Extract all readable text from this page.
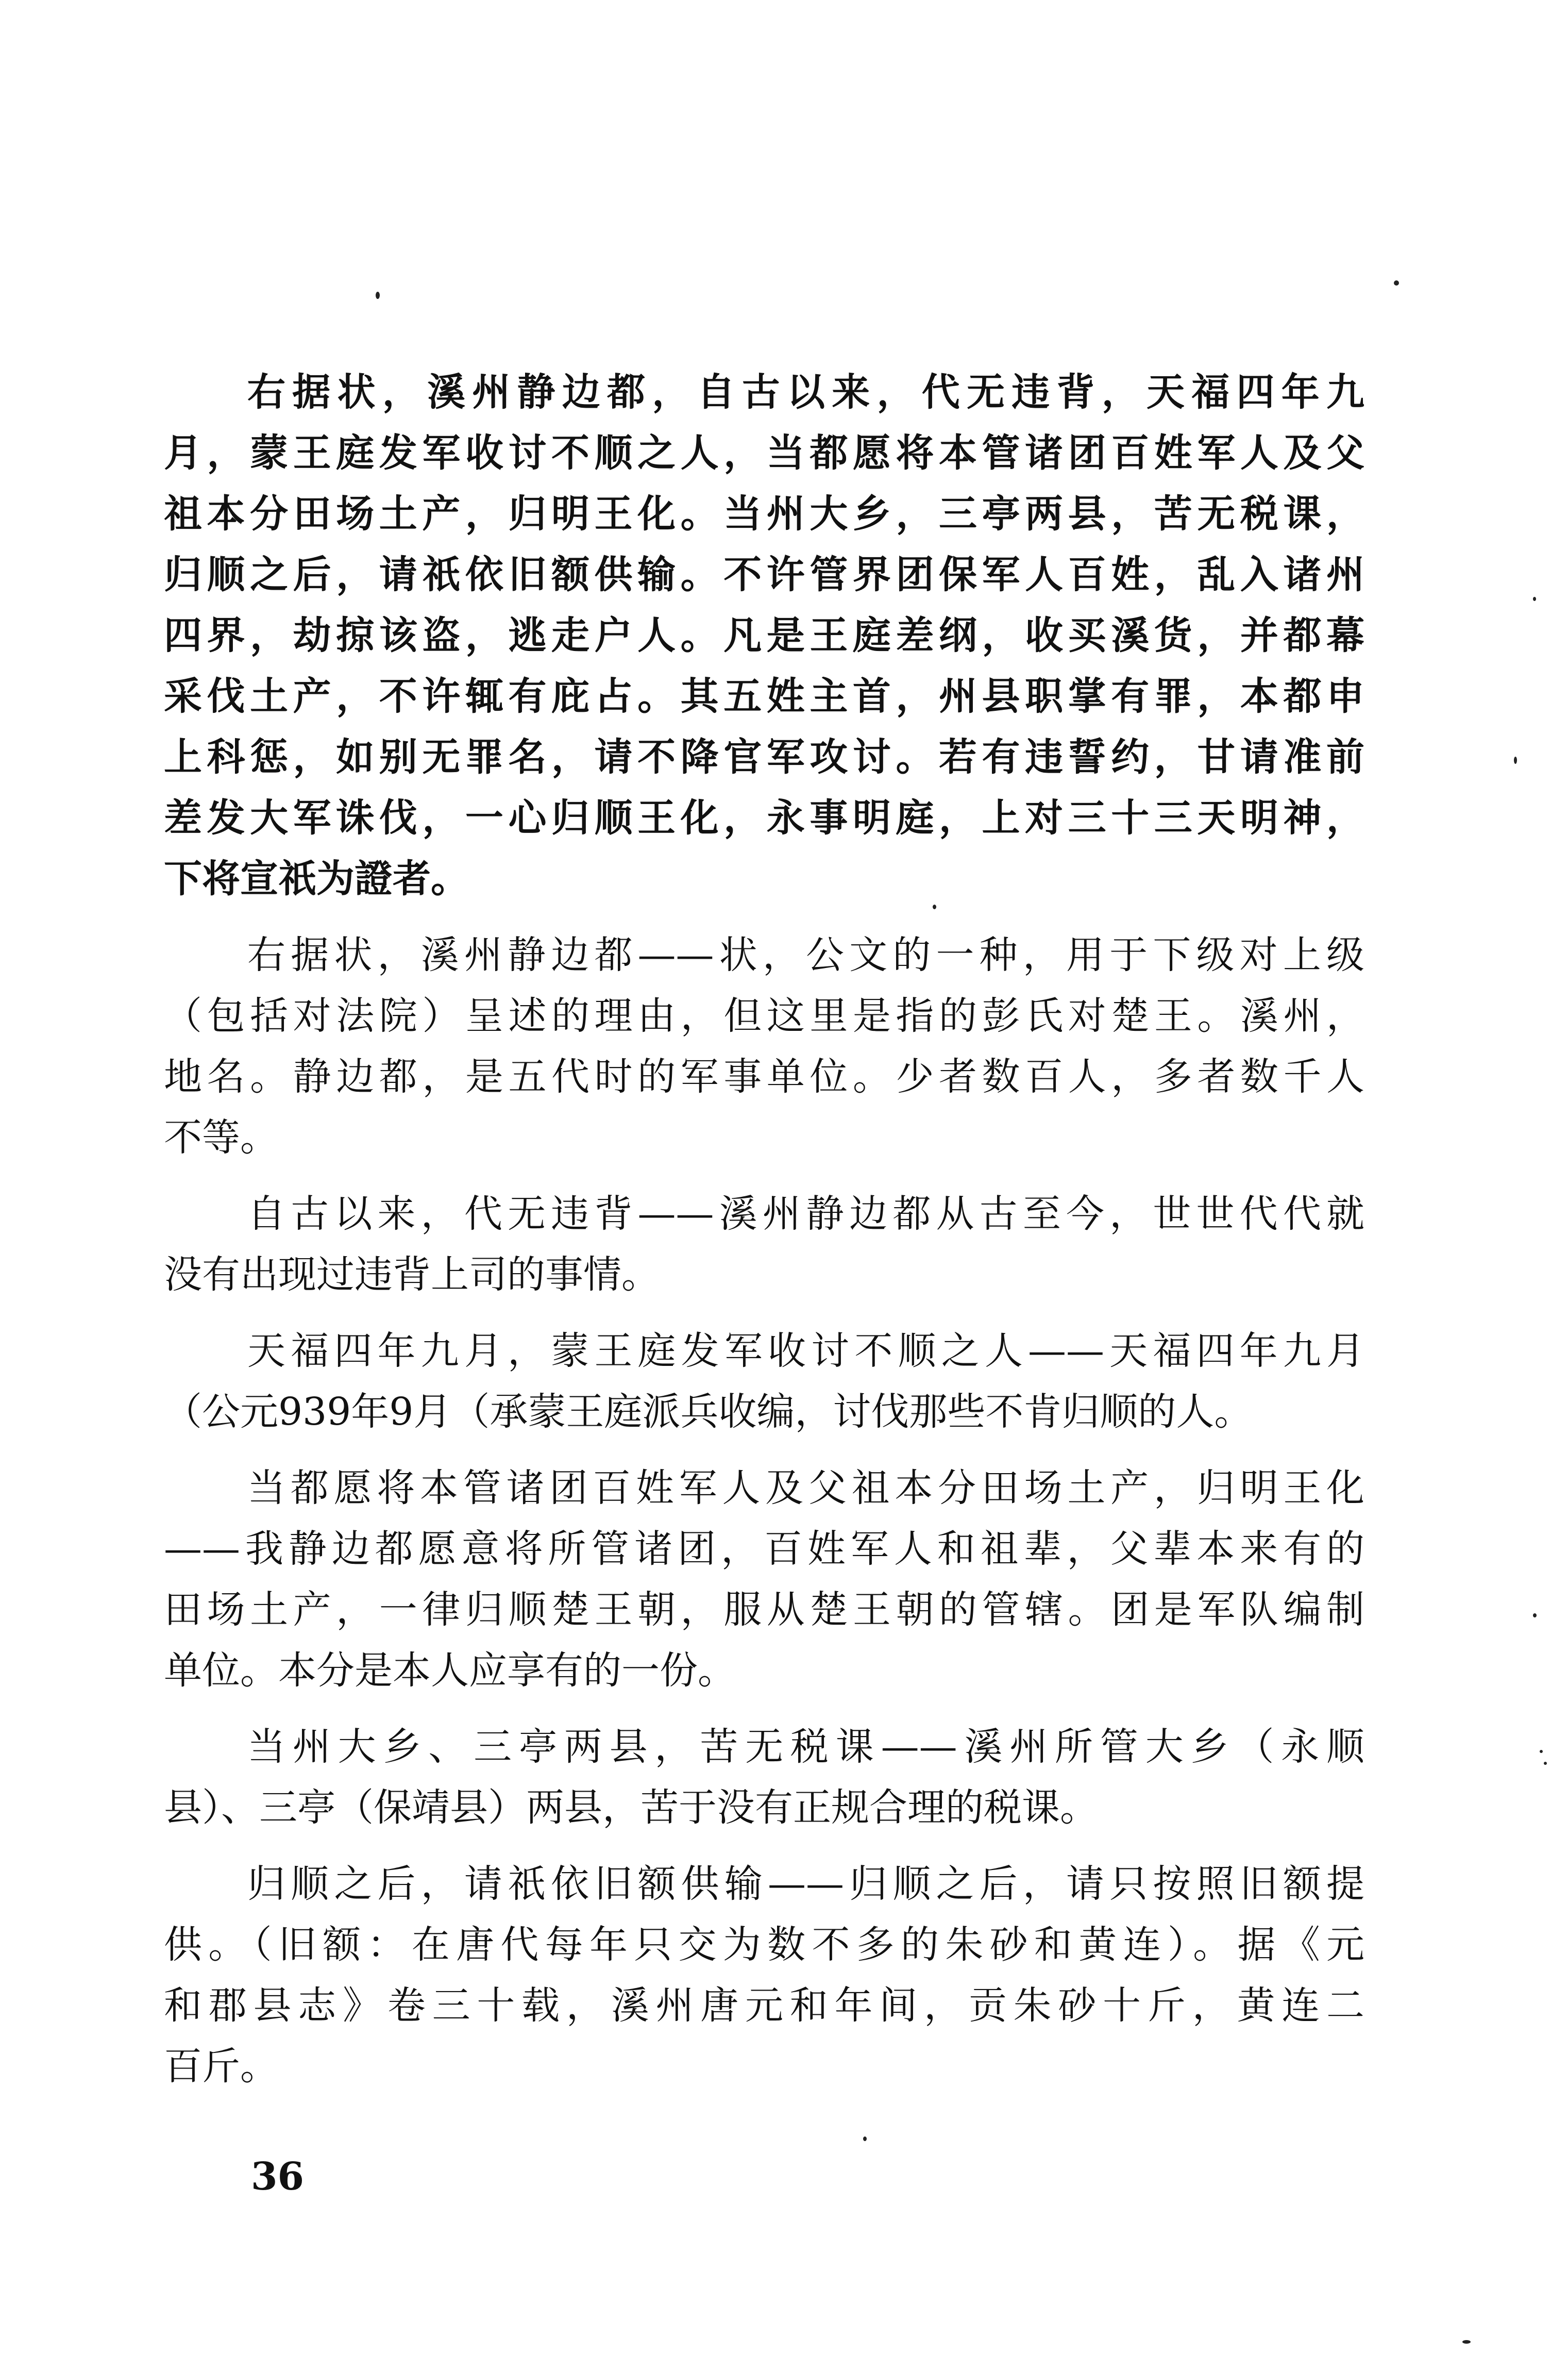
右据状，溪州静边都，自古以来，代无违背，天福四年九
月，蒙王庭发军收讨不顺之人，当都愿将本管诸团百姓军人及父
祖本分田场土产，归明王化。当州大乡，三亭两县，苦无税课，
归顺之后，请祇依旧额供输。不许管界团保军人百姓，乱入诸州
四界，劫掠该盗，逃走户人。凡是王庭差纲，收买溪货，并都幕
采伐土产，不许辄有庇占。其五姓主首，州县职掌有罪，本都申
上科惩，如别无罪名，请不降官军攻讨。若有违誓约，甘请准前
差发大军诛伐，一心归顺王化，永事明庭，上对三十三天明神，
下将宣祇为證者。
右据状，溪州静边都——状，公文的一种，用于下级对上级
（包括对法院）呈述的理由，但这里是指的彭氏对楚王。溪州，
地名。静边都，是五代时的军事单位。少者数百人，多者数千人
不等。
自古以来，代无违背——溪州静边都从古至今，世世代代就
没有出现过违背上司的事情。
天福四年九月，蒙王庭发军收讨不顺之人——天福四年九月
（公元939年9月（承蒙王庭派兵收编，讨伐那些不肯归顺的人。
当都愿将本管诸团百姓军人及父祖本分田场土产，归明王化
——我静边都愿意将所管诸团，百姓军人和祖辈，父辈本来有的
田场土产，一律归顺楚王朝，服从楚王朝的管辖。团是军队编制
单位。本分是本人应享有的一份。
当州大乡、三亭两县，苦无税课——溪州所管大乡（永顺
县）、三亭（保靖县）两县，苦于没有正规合理的税课。
归顺之后，请祇依旧额供输——归顺之后，请只按照旧额提
供。（旧额：在唐代每年只交为数不多的朱砂和黄连）。据《元
和郡县志》卷三十载，溪州唐元和年间，贡朱砂十斤，黄连二
百斤。
36
